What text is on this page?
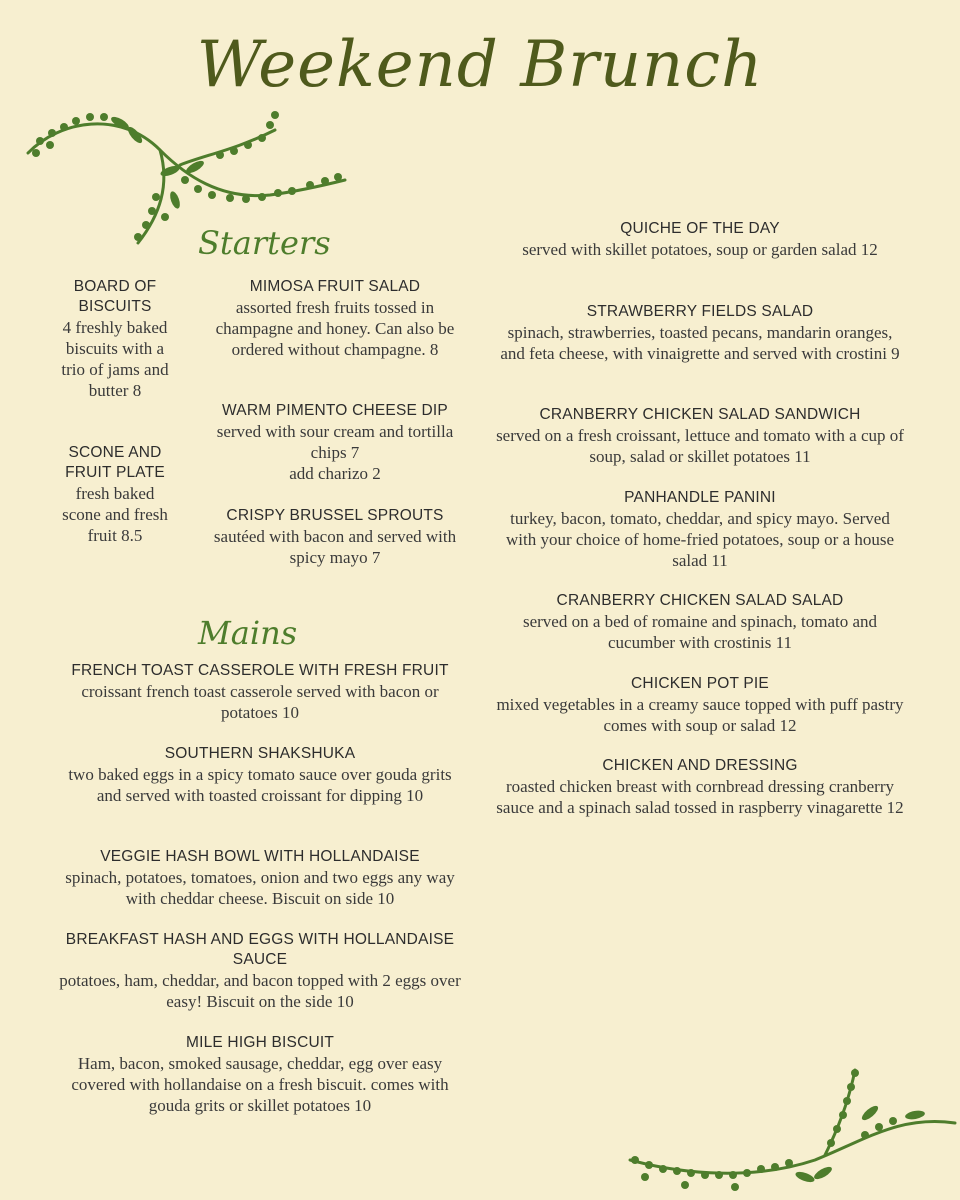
Weekend Brunch
Starters
Mains
BOARD OF BISCUITS
4 freshly baked biscuits with a trio of jams and butter 8
SCONE AND FRUIT PLATE
fresh baked scone and fresh fruit 8.5
MIMOSA FRUIT SALAD
assorted fresh fruits tossed in champagne and honey. Can also be ordered without champagne. 8
WARM PIMENTO CHEESE DIP
served with sour cream and tortilla chips 7
add charizo 2
CRISPY BRUSSEL SPROUTS
sautéed with bacon and served with spicy mayo 7
FRENCH TOAST CASSEROLE WITH FRESH FRUIT
croissant french toast casserole served with bacon or potatoes 10
SOUTHERN SHAKSHUKA
two baked eggs in a spicy tomato sauce over gouda grits and served with toasted croissant for dipping 10
VEGGIE HASH BOWL WITH HOLLANDAISE
spinach, potatoes, tomatoes, onion and two eggs any way with cheddar cheese. Biscuit on side 10
BREAKFAST HASH AND EGGS WITH HOLLANDAISE SAUCE
potatoes, ham, cheddar, and bacon topped with 2 eggs over easy! Biscuit on the side 10
MILE HIGH BISCUIT
Ham, bacon, smoked sausage, cheddar, egg over easy covered with hollandaise on a fresh biscuit. comes with gouda grits or skillet potatoes 10
QUICHE OF THE DAY
served with skillet potatoes, soup or garden salad 12
STRAWBERRY FIELDS SALAD
spinach, strawberries, toasted pecans, mandarin oranges, and feta cheese, with vinaigrette and served with crostini 9
CRANBERRY CHICKEN SALAD SANDWICH
served on a fresh croissant, lettuce and tomato with a cup of soup, salad or skillet potatoes 11
PANHANDLE PANINI
turkey, bacon, tomato, cheddar, and spicy mayo. Served with your choice of home-fried potatoes, soup or a house salad 11
CRANBERRY CHICKEN SALAD SALAD
served on a bed of romaine and spinach, tomato and cucumber with crostinis 11
CHICKEN POT PIE
mixed vegetables in a creamy sauce topped with puff pastry comes with soup or salad 12
CHICKEN AND DRESSING
roasted chicken breast with cornbread dressing cranberry sauce and a spinach salad tossed in raspberry vinagarette 12
